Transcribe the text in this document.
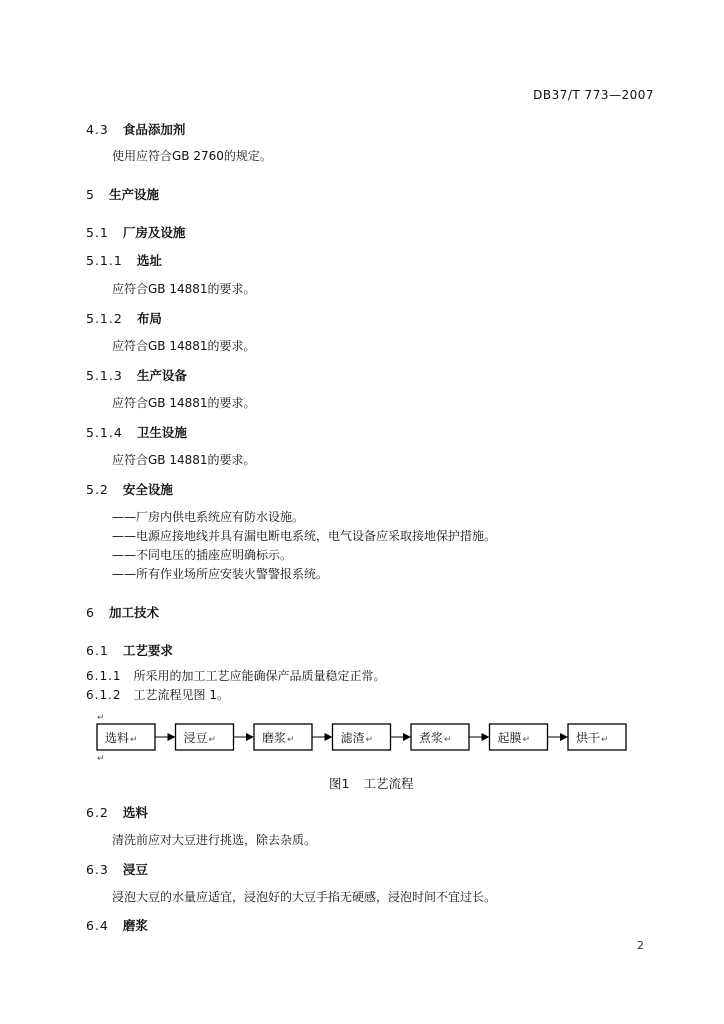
DB37/T 773—2007
4.3 食品添加剂
使用应符合GB 2760的规定。
5 生产设施
5.1 厂房及设施
5.1.1 选址
应符合GB 14881的要求。
5.1.2 布局
应符合GB 14881的要求。
5.1.3 生产设备
应符合GB 14881的要求。
5.1.4 卫生设施
应符合GB 14881的要求。
5.2 安全设施
——厂房内供电系统应有防水设施。
——电源应接地线并具有漏电断电系统，电气设备应采取接地保护措施。
——不同电压的插座应明确标示。
——所有作业场所应安装火警警报系统。
6 加工技术
6.1 工艺要求
6.1.1 所采用的加工工艺应能确保产品质量稳定正常。
6.1.2 工艺流程见图 1。
选料 ↵	浸豆 ↵	磨浆 ↵	滤渣 ↵	煮浆 ↵	起膜 ↵	烘干 ↵
↵
↵
图1 工艺流程
6.2 选料
清洗前应对大豆进行挑选，除去杂质。
6.3 浸豆
浸泡大豆的水量应适宜，浸泡好的大豆手掐无硬感，浸泡时间不宜过长。
6.4 磨浆
2
